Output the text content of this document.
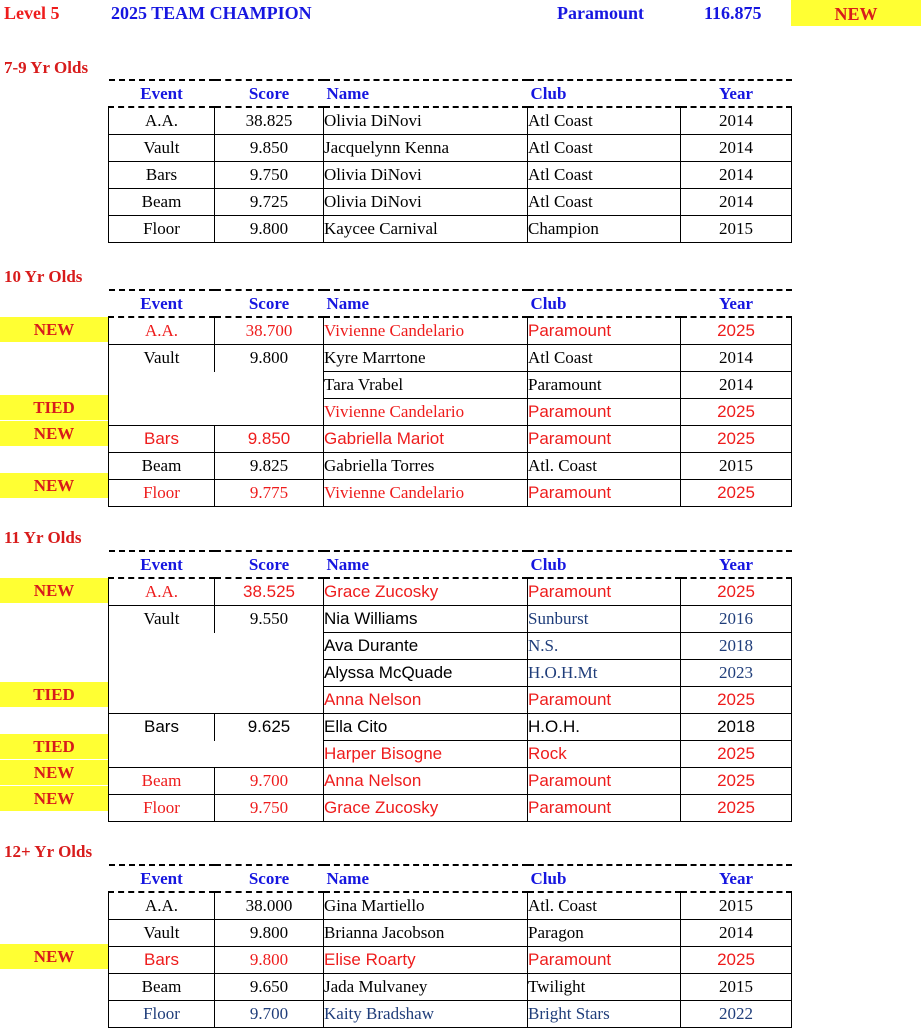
Level 5	2025 TEAM CHAMPION	Paramount	116.875	NEW
7-9 Yr Olds
Event	Score	Name	Club	Year
A.A.	38.825	Olivia DiNovi	Atl Coast	2014
Vault	9.850	Jacquelynn Kenna	Atl Coast	2014
Bars	9.750	Olivia DiNovi	Atl Coast	2014
Beam	9.725	Olivia DiNovi	Atl Coast	2014
Floor	9.800	Kaycee Carnival	Champion	2015
10 Yr Olds
NEW
TIED
NEW
NEW
Event	Score	Name	Club	Year
A.A.	38.700	Vivienne Candelario	Paramount	2025
Vault	9.800	Kyre Marrtone	Atl Coast	2014
		Tara Vrabel	Paramount	2014
		Vivienne Candelario	Paramount	2025
Bars	9.850	Gabriella Mariot	Paramount	2025
Beam	9.825	Gabriella Torres	Atl. Coast	2015
Floor	9.775	Vivienne Candelario	Paramount	2025
11 Yr Olds
NEW
TIED
TIED
NEW
NEW
Event	Score	Name	Club	Year
A.A.	38.525	Grace Zucosky	Paramount	2025
Vault	9.550	Nia Williams	Sunburst	2016
		Ava Durante	N.S.	2018
		Alyssa McQuade	H.O.H.Mt	2023
		Anna Nelson	Paramount	2025
Bars	9.625	Ella Cito	H.O.H.	2018
		Harper Bisogne	Rock	2025
Beam	9.700	Anna Nelson	Paramount	2025
Floor	9.750	Grace Zucosky	Paramount	2025
12+ Yr Olds
NEW
Event	Score	Name	Club	Year
A.A.	38.000	Gina Martiello	Atl. Coast	2015
Vault	9.800	Brianna Jacobson	Paragon	2014
Bars	9.800	Elise Roarty	Paramount	2025
Beam	9.650	Jada Mulvaney	Twilight	2015
Floor	9.700	Kaity Bradshaw	Bright Stars	2022
